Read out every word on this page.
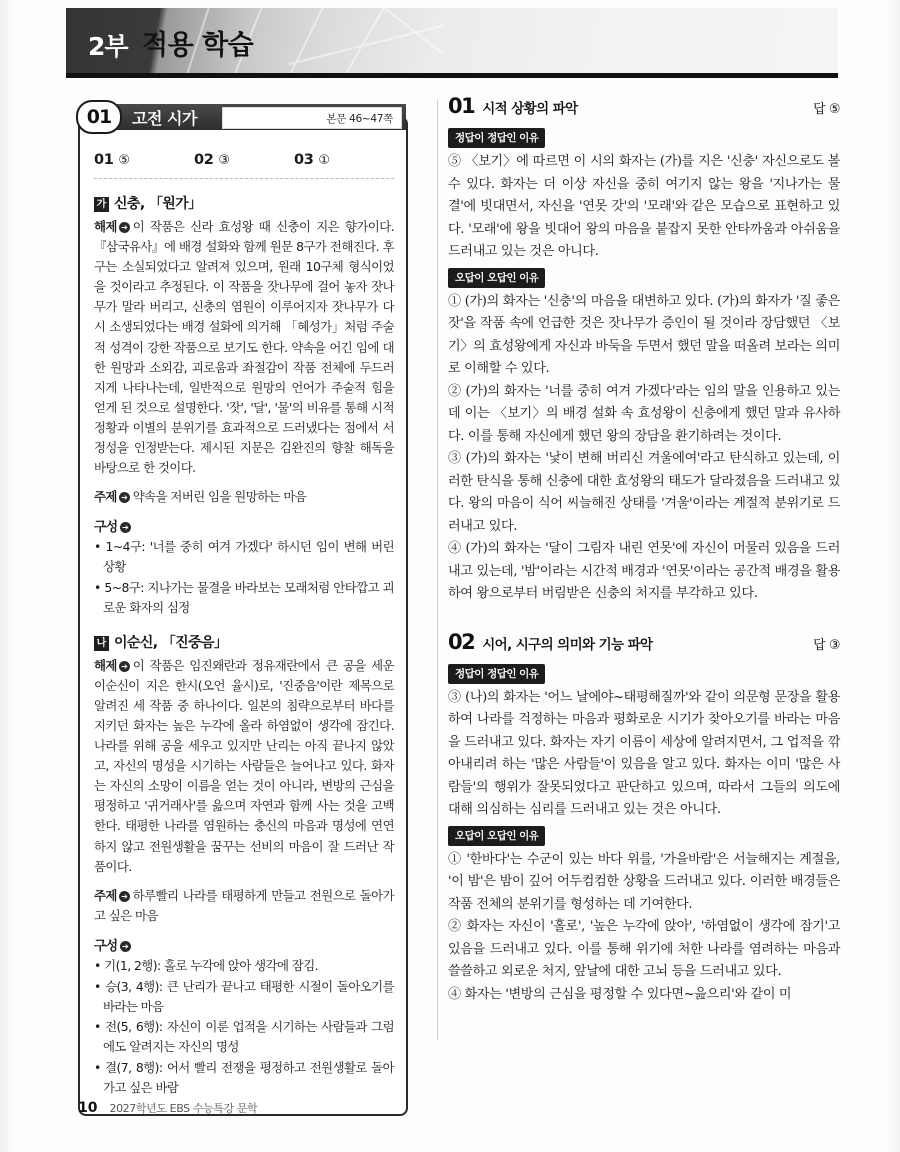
2부 적용 학습
01	고전 시가	본문 46~47쪽
01 ⑤	02 ③	03 ①
가 신충, 「원가」

해제 ➔ 이 작품은 신라 효성왕 때 신충이 지은 향가이다. 『삼국유사』에 배경 설화와 함께 원문 8구가 전해진다. 후구는 소실되었다고 알려져 있으며, 원래 10구체 형식이었을 것이라고 추정된다. 이 작품을 잣나무에 걸어 놓자 잣나무가 말라 버리고, 신충의 염원이 이루어지자 잣나무가 다시 소생되었다는 배경 설화에 의거해 「혜성가」처럼 주술적 성격이 강한 작품으로 보기도 한다. 약속을 어긴 임에 대한 원망과 소외감, 괴로움과 좌절감이 작품 전체에 두드러지게 나타나는데, 일반적으로 원망의 언어가 주술적 힘을 얻게 된 것으로 설명한다. '잣', '달', '물'의 비유를 통해 시적 정황과 이별의 분위기를 효과적으로 드러냈다는 점에서 서정성을 인정받는다. 제시된 지문은 김완진의 향찰 해독을 바탕으로 한 것이다.

주제 ➔ 약속을 저버린 임을 원망하는 마음

구성 ➔
• 1~4구: '너를 중히 여겨 가겠다' 하시던 임이 변해 버린 상황
• 5~8구: 지나가는 물결을 바라보는 모래처럼 안타깝고 괴로운 화자의 심정
나 이순신, 「진중음」

해제 ➔ 이 작품은 임진왜란과 정유재란에서 큰 공을 세운 이순신이 지은 한시(오언 율시)로, '진중음'이란 제목으로 알려진 세 작품 중 하나이다. 일본의 침략으로부터 바다를 지키던 화자는 높은 누각에 올라 하염없이 생각에 잠긴다. 나라를 위해 공을 세우고 있지만 난리는 아직 끝나지 않았고, 자신의 명성을 시기하는 사람들은 늘어나고 있다. 화자는 자신의 소망이 이름을 얻는 것이 아니라, 변방의 근심을 평정하고 '귀거래사'를 읊으며 자연과 함께 사는 것을 고백한다. 태평한 나라를 염원하는 충신의 마음과 명성에 연연하지 않고 전원생활을 꿈꾸는 선비의 마음이 잘 드러난 작품이다.

주제 ➔ 하루빨리 나라를 태평하게 만들고 전원으로 돌아가고 싶은 마음

구성 ➔
• 기(1, 2행): 홀로 누각에 앉아 생각에 잠김.
• 승(3, 4행): 큰 난리가 끝나고 태평한 시절이 돌아오기를 바라는 마음
• 전(5, 6행): 자신이 이룬 업적을 시기하는 사람들과 그럼에도 알려지는 자신의 명성
• 결(7, 8행): 어서 빨리 전쟁을 평정하고 전원생활로 돌아가고 싶은 바람
01 시적 상황의 파악	답 ⑤
정답이 정답인 이유

⑤ 〈보기〉에 따르면 이 시의 화자는 (가)를 지은 '신충' 자신으로도 볼 수 있다. 화자는 더 이상 자신을 중히 여기지 않는 왕을 '지나가는 물결'에 빗대면서, 자신을 '연못 갓'의 '모래'와 같은 모습으로 표현하고 있다. '모래'에 왕을 빗대어 왕의 마음을 붙잡지 못한 안타까움과 아쉬움을 드러내고 있는 것은 아니다.

오답이 오답인 이유

① (가)의 화자는 '신충'의 마음을 대변하고 있다. (가)의 화자가 '질 좋은 잣'을 작품 속에 언급한 것은 잣나무가 증인이 될 것이라 장담했던 〈보기〉의 효성왕에게 자신과 바둑을 두면서 했던 말을 떠올려 보라는 의미로 이해할 수 있다.

② (가)의 화자는 '너를 중히 여겨 가겠다'라는 임의 말을 인용하고 있는데 이는 〈보기〉의 배경 설화 속 효성왕이 신충에게 했던 말과 유사하다. 이를 통해 자신에게 했던 왕의 장담을 환기하려는 것이다.

③ (가)의 화자는 '낯이 변해 버리신 겨울에여'라고 탄식하고 있는데, 이러한 탄식을 통해 신충에 대한 효성왕의 태도가 달라졌음을 드러내고 있다. 왕의 마음이 식어 씨늘해진 상태를 '겨울'이라는 계절적 분위기로 드러내고 있다.

④ (가)의 화자는 '달이 그림자 내린 연못'에 자신이 머물러 있음을 드러내고 있는데, '밤'이라는 시간적 배경과 '연못'이라는 공간적 배경을 활용하여 왕으로부터 버림받은 신충의 처지를 부각하고 있다.

02 시어, 시구의 의미와 기능 파악	답 ③
정답이 정답인 이유

③ (나)의 화자는 '어느 날에야~태평해질까'와 같이 의문형 문장을 활용하여 나라를 걱정하는 마음과 평화로운 시기가 찾아오기를 바라는 마음을 드러내고 있다. 화자는 자기 이름이 세상에 알려지면서, 그 업적을 깎아내리려 하는 '많은 사람들'이 있음을 알고 있다. 화자는 이미 '많은 사람들'의 행위가 잘못되었다고 판단하고 있으며, 따라서 그들의 의도에 대해 의심하는 심리를 드러내고 있는 것은 아니다.

오답이 오답인 이유

① '한바다'는 수군이 있는 바다 위를, '가을바람'은 서늘해지는 계절을, '이 밤'은 밤이 깊어 어두컴컴한 상황을 드러내고 있다. 이러한 배경들은 작품 전체의 분위기를 형성하는 데 기여한다.

② 화자는 자신이 '홀로', '높은 누각에 앉아', '하염없이 생각에 잠기'고 있음을 드러내고 있다. 이를 통해 위기에 처한 나라를 염려하는 마음과 쓸쓸하고 외로운 처지, 앞날에 대한 고뇌 등을 드러내고 있다.

④ 화자는 '변방의 근심을 평정할 수 있다면~읊으리'와 같이 미

10 2027학년도 EBS 수능특강 문학
